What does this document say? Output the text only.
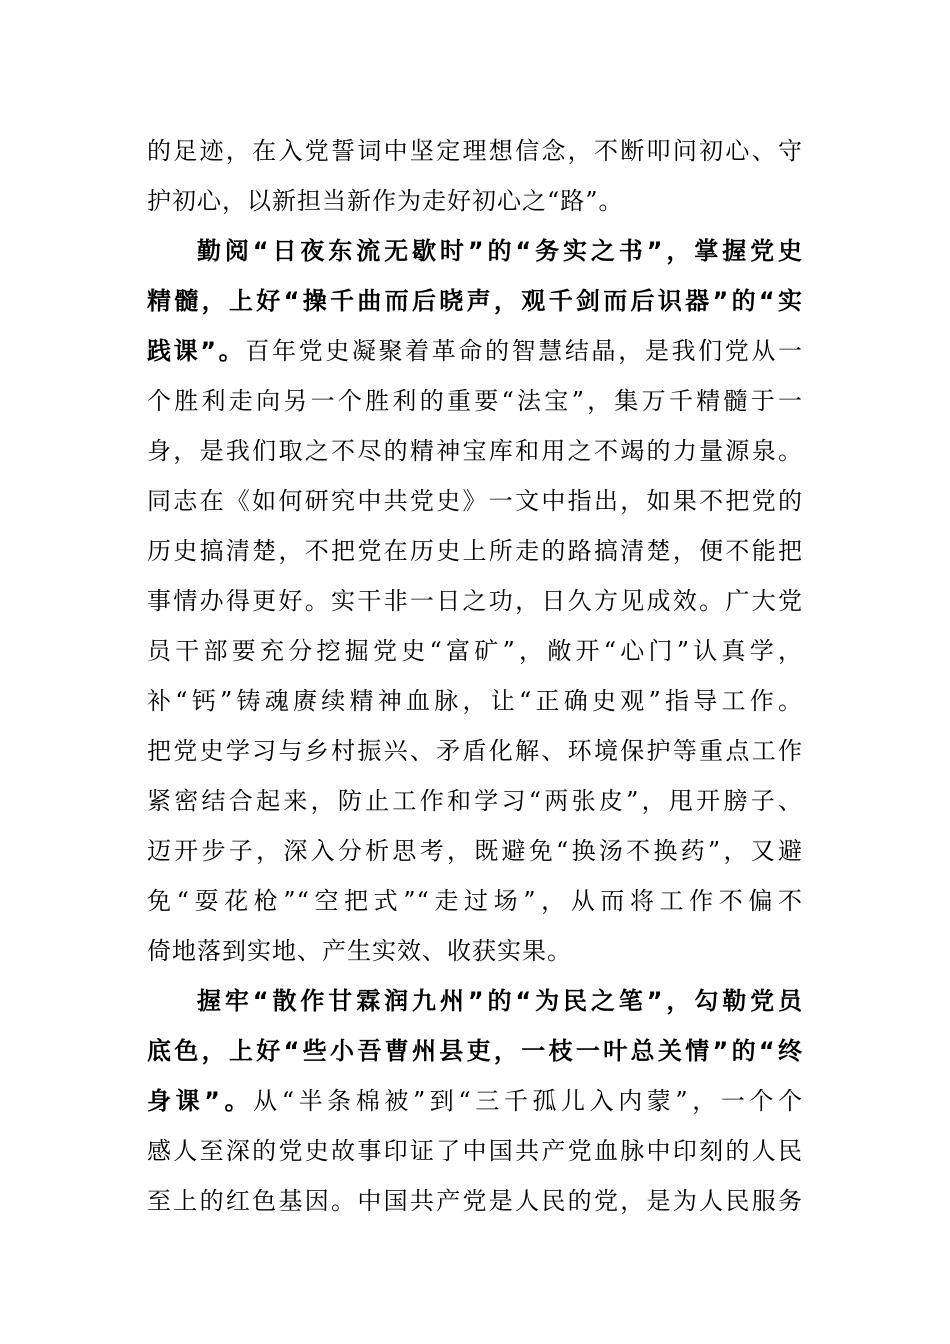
的足迹，在入党誓词中坚定理想信念，不断叩问初心、守
护初心，以新担当新作为走好初心之“路”。
勤阅“日夜东流无歇时”的“务实之书”，掌握党史
精髓，上好“操千曲而后晓声，观千剑而后识器”的“实
践课”。百年党史凝聚着革命的智慧结晶，是我们党从一
个胜利走向另一个胜利的重要“法宝”，集万千精髓于一
身，是我们取之不尽的精神宝库和用之不竭的力量源泉。
同志在《如何研究中共党史》一文中指出，如果不把党的
历史搞清楚，不把党在历史上所走的路搞清楚，便不能把
事情办得更好。实干非一日之功，日久方见成效。广大党
员干部要充分挖掘党史“富矿”，敞开“心门”认真学，
补“钙”铸魂赓续精神血脉，让“正确史观”指导工作。
把党史学习与乡村振兴、矛盾化解、环境保护等重点工作
紧密结合起来，防止工作和学习“两张皮”，甩开膀子、
迈开步子，深入分析思考，既避免“换汤不换药”，又避
免“耍花枪”“空把式”“走过场”，从而将工作不偏不
倚地落到实地、产生实效、收获实果。
握牢“散作甘霖润九州”的“为民之笔”，勾勒党员
底色，上好“些小吾曹州县吏，一枝一叶总关情”的“终
身课”。从“半条棉被”到“三千孤儿入内蒙”，一个个
感人至深的党史故事印证了中国共产党血脉中印刻的人民
至上的红色基因。中国共产党是人民的党，是为人民服务
